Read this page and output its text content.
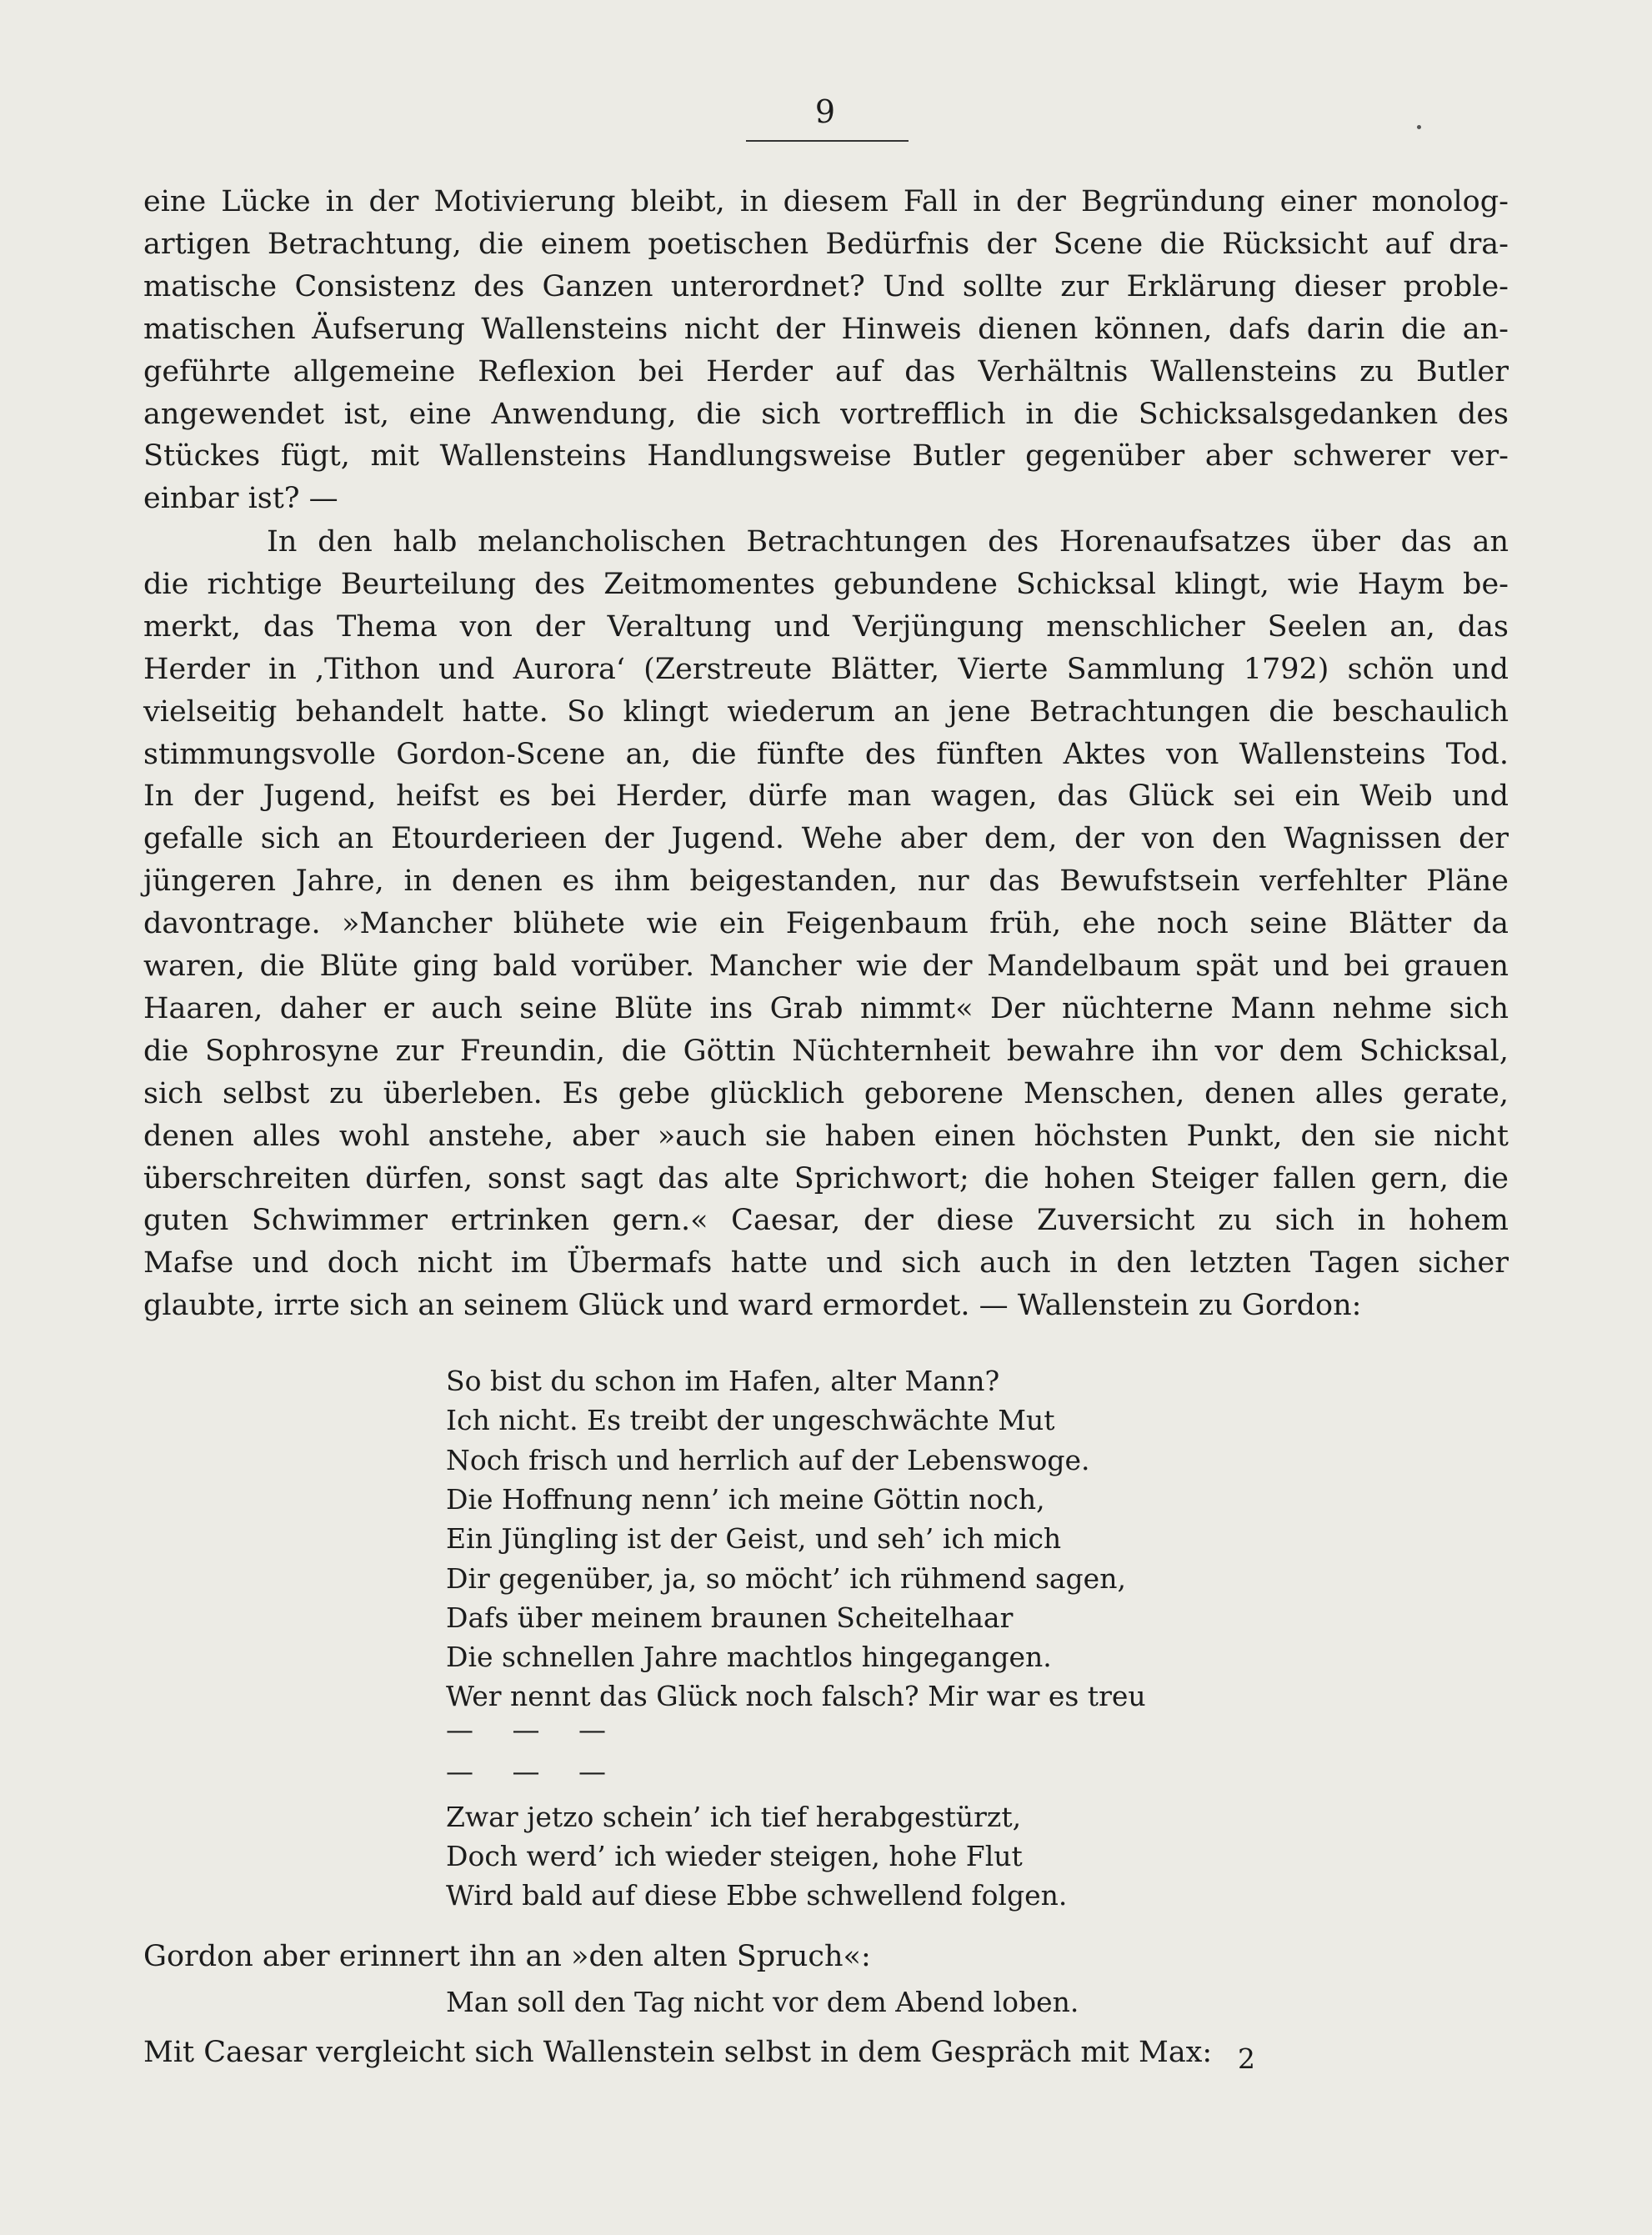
9
eine Lücke in der Motivierung bleibt, in diesem Fall in der Begründung einer monolog-
artigen Betrachtung, die einem poetischen Bedürfnis der Scene die Rücksicht auf dra-
matische Consistenz des Ganzen unterordnet? Und sollte zur Erklärung dieser proble-
matischen Äufserung Wallensteins nicht der Hinweis dienen können, dafs darin die an-
geführte allgemeine Reflexion bei Herder auf das Verhältnis Wallensteins zu Butler
angewendet ist, eine Anwendung, die sich vortrefflich in die Schicksalsgedanken des
Stückes fügt, mit Wallensteins Handlungsweise Butler gegenüber aber schwerer ver-
einbar ist? —
In den halb melancholischen Betrachtungen des Horenaufsatzes über das an
die richtige Beurteilung des Zeitmomentes gebundene Schicksal klingt, wie Haym be-
merkt, das Thema von der Veraltung und Verjüngung menschlicher Seelen an, das
Herder in ‚Tithon und Aurora‘ (Zerstreute Blätter, Vierte Sammlung 1792) schön und
vielseitig behandelt hatte. So klingt wiederum an jene Betrachtungen die beschaulich
stimmungsvolle Gordon-Scene an, die fünfte des fünften Aktes von Wallensteins Tod.
In der Jugend, heifst es bei Herder, dürfe man wagen, das Glück sei ein Weib und
gefalle sich an Etourderieen der Jugend. Wehe aber dem, der von den Wagnissen der
jüngeren Jahre, in denen es ihm beigestanden, nur das Bewufstsein verfehlter Pläne
davontrage. »Mancher blühete wie ein Feigenbaum früh, ehe noch seine Blätter da
waren, die Blüte ging bald vorüber. Mancher wie der Mandelbaum spät und bei grauen
Haaren, daher er auch seine Blüte ins Grab nimmt« Der nüchterne Mann nehme sich
die Sophrosyne zur Freundin, die Göttin Nüchternheit bewahre ihn vor dem Schicksal,
sich selbst zu überleben. Es gebe glücklich geborene Menschen, denen alles gerate,
denen alles wohl anstehe, aber »auch sie haben einen höchsten Punkt, den sie nicht
überschreiten dürfen, sonst sagt das alte Sprichwort; die hohen Steiger fallen gern, die
guten Schwimmer ertrinken gern.« Caesar, der diese Zuversicht zu sich in hohem
Mafse und doch nicht im Übermafs hatte und sich auch in den letzten Tagen sicher
glaubte, irrte sich an seinem Glück und ward ermordet. — Wallenstein zu Gordon:
So bist du schon im Hafen, alter Mann?
Ich nicht. Es treibt der ungeschwächte Mut
Noch frisch und herrlich auf der Lebenswoge.
Die Hoffnung nenn’ ich meine Göttin noch,
Ein Jüngling ist der Geist, und seh’ ich mich
Dir gegenüber, ja, so möcht’ ich rühmend sagen,
Dafs über meinem braunen Scheitelhaar
Die schnellen Jahre machtlos hingegangen.
Wer nennt das Glück noch falsch? Mir war es treu
— — —
— — —
Zwar jetzo schein’ ich tief herabgestürzt,
Doch werd’ ich wieder steigen, hohe Flut
Wird bald auf diese Ebbe schwellend folgen.
Gordon aber erinnert ihn an »den alten Spruch«:
Man soll den Tag nicht vor dem Abend loben.
Mit Caesar vergleicht sich Wallenstein selbst in dem Gespräch mit Max: 2
